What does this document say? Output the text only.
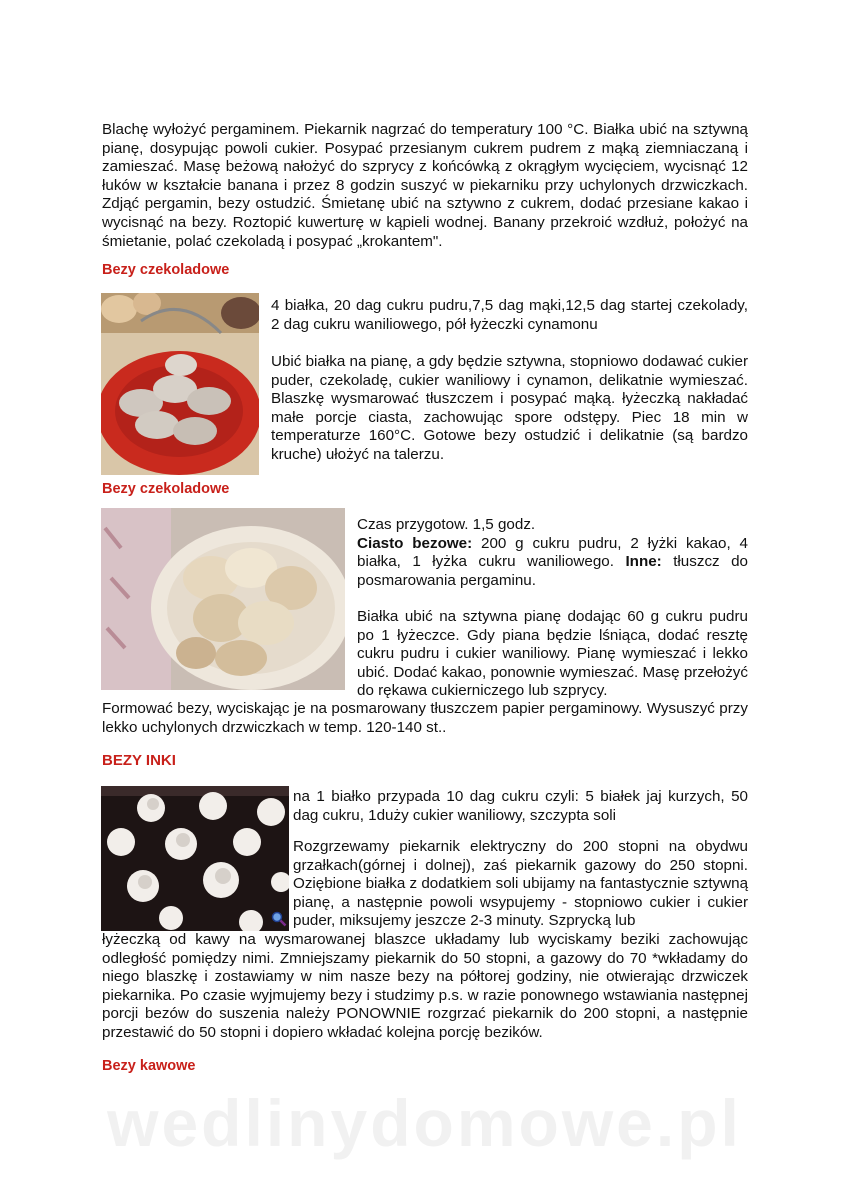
Blachę wyłożyć pergaminem. Piekarnik nagrzać do temperatury 100 °C. Białka ubić na sztywną pianę, dosypując powoli cukier. Posypać przesianym cukrem pudrem z mąką ziemniaczaną i zamieszać. Masę beżową nałożyć do szprycy z końcówką z okrągłym wycięciem, wycisnąć 12 łuków w kształcie banana i przez 8 godzin suszyć w piekarniku przy uchylonych drzwiczkach. Zdjąć pergamin, bezy ostudzić. Śmietanę ubić na sztywno z cukrem, dodać przesiane kakao i wycisnąć na bezy. Roztopić kuwerturę w kąpieli wodnej. Banany przekroić wzdłuż, położyć na śmietanie, polać czekoladą i posypać „krokantem".

Bezy czekoladowe

4 białka, 20 dag cukru pudru,7,5 dag mąki,12,5 dag startej czekolady, 2 dag cukru waniliowego, pół łyżeczki cynamonu

Ubić białka na pianę, a gdy będzie sztywna, stopniowo dodawać cukier puder, czekoladę, cukier waniliowy i cynamon, delikatnie wymieszać. Blaszkę wysmarować tłuszczem i posypać mąką. łyżeczką nakładać małe porcje ciasta, zachowując spore odstępy. Piec 18 min w temperaturze 160°C. Gotowe bezy ostudzić i delikatnie (są bardzo kruche) ułożyć na talerzu.

Bezy czekoladowe

Czas przygotow. 1,5 godz.

Ciasto bezowe: 200 g cukru pudru, 2 łyżki kakao, 4 białka, 1 łyżka cukru waniliowego. Inne: tłuszcz do posmarowania pergaminu.

Białka ubić na sztywna pianę dodając 60 g cukru pudru po 1 łyżeczce. Gdy piana będzie lśniąca, dodać resztę cukru pudru i cukier waniliowy. Pianę wymieszać i lekko ubić. Dodać kakao, ponownie wymieszać. Masę przełożyć do rękawa cukierniczego lub szprycy.

Formować bezy, wyciskając je na posmarowany tłuszczem papier pergaminowy. Wysuszyć przy lekko uchylonych drzwiczkach w temp. 120-140 st..

BEZY INKI

na 1 białko przypada 10 dag cukru czyli: 5 białek jaj kurzych, 50 dag cukru, 1duży cukier waniliowy, szczypta soli

Rozgrzewamy piekarnik elektryczny do 200 stopni na obydwu grzałkach(górnej i dolnej), zaś piekarnik gazowy do 250 stopni. Oziębione białka z dodatkiem soli ubijamy na fantastycznie sztywną pianę, a następnie powoli wsypujemy - stopniowo cukier i cukier puder, miksujemy jeszcze 2-3 minuty. Szprycką lub

łyżeczką od kawy na wysmarowanej blaszce układamy lub wyciskamy beziki zachowując odległość pomiędzy nimi. Zmniejszamy piekarnik do 50 stopni, a gazowy do 70 *wkładamy do niego blaszkę i zostawiamy w nim nasze bezy na półtorej godziny, nie otwierając drzwiczek piekarnika. Po czasie wyjmujemy bezy i studzimy p.s. w razie ponownego wstawiania następnej porcji bezów do suszenia należy PONOWNIE rozgrzać piekarnik do 200 stopni, a następnie przestawić do 50 stopni i dopiero wkładać kolejna porcję bezików.

Bezy kawowe
wedlinydomowe.pl
